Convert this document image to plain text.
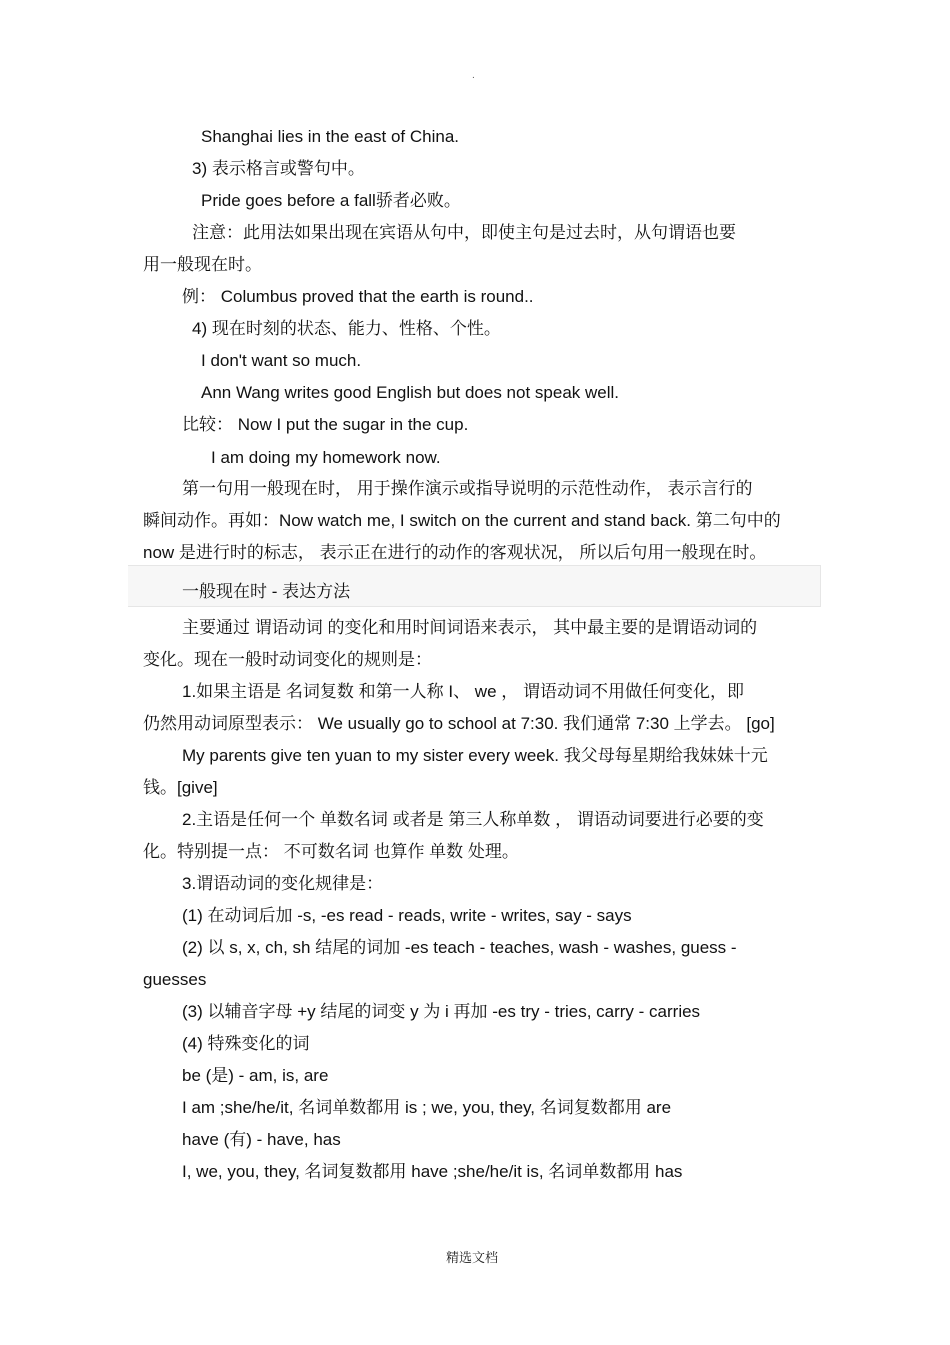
.
Shanghai lies in the east of China.
3) 表示格言或警句中。
Pride goes before a fall骄者必败。
注意：此用法如果出现在宾语从句中，即使主句是过去时，从句谓语也要
用一般现在时。
例： Columbus proved that the earth is round..
4) 现在时刻的状态、能力、性格、个性。
I don't want so much.
Ann Wang writes good English but does not speak well.
比较： Now I put the sugar in the cup.
I am doing my homework now.
第一句用一般现在时， 用于操作演示或指导说明的示范性动作， 表示言行的
瞬间动作。再如：Now watch me, I switch on the current and stand back. 第二句中的
now 是进行时的标志， 表示正在进行的动作的客观状况， 所以后句用一般现在时。
一般现在时 - 表达方法
主要通过 谓语动词 的变化和用时间词语来表示， 其中最主要的是谓语动词的
变化。现在一般时动词变化的规则是：
1.如果主语是 名词复数 和第一人称 I、 we ， 谓语动词不用做任何变化，即
仍然用动词原型表示： We usually go to school at 7:30. 我们通常 7:30 上学去。 [go]
My parents give ten yuan to my sister every week. 我父母每星期给我妹妹十元
钱。[give]
2.主语是任何一个 单数名词 或者是 第三人称单数 ， 谓语动词要进行必要的变
化。特别提一点： 不可数名词 也算作 单数 处理。
3.谓语动词的变化规律是：
(1) 在动词后加 -s, -es read - reads, write - writes, say - says
(2) 以 s, x, ch, sh 结尾的词加 -es teach - teaches, wash - washes, guess -
guesses
(3) 以辅音字母 +y 结尾的词变 y 为 i 再加 -es try - tries, carry - carries
(4) 特殊变化的词
be (是) - am, is, are
I am ;she/he/it, 名词单数都用 is ; we, you, they, 名词复数都用 are
have (有) - have, has
I, we, you, they, 名词复数都用 have ;she/he/it is, 名词单数都用 has
精选文档
